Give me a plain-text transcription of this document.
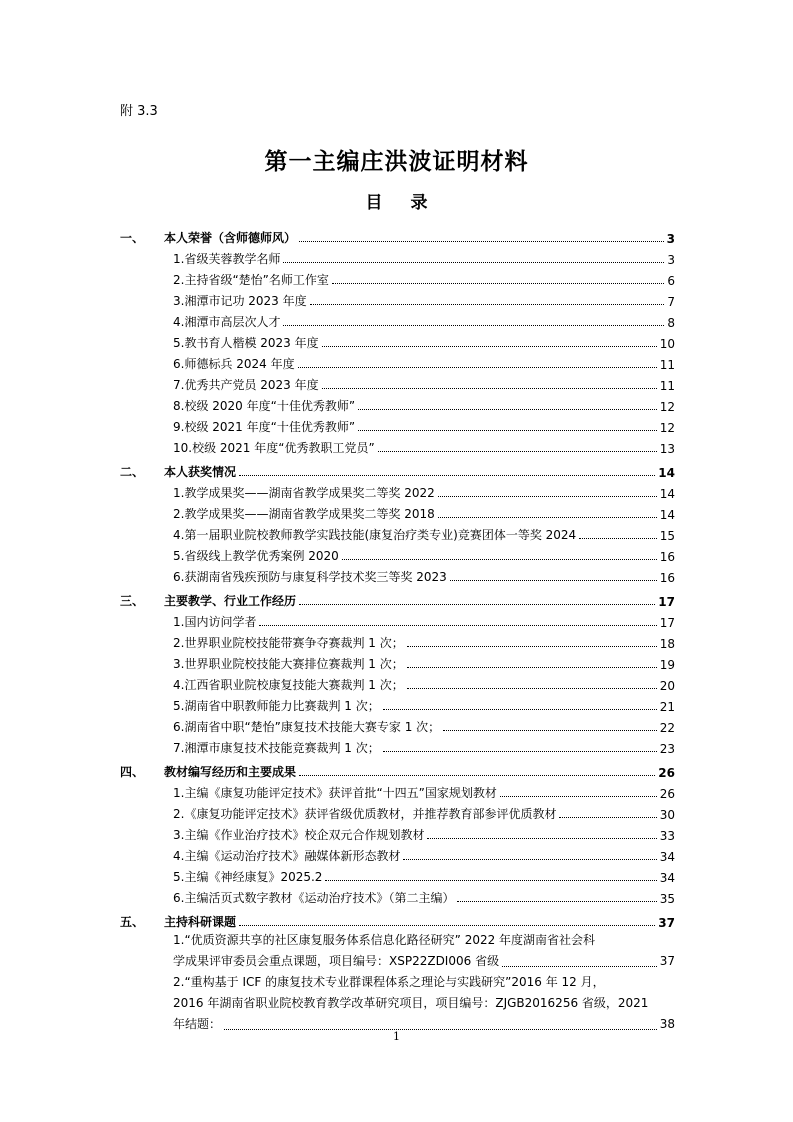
附 3.3
第一主编庄洪波证明材料
目 录
一、 本人荣誉（含师德师风）	3
1.省级芙蓉教学名师	3
2.主持省级“楚怡”名师工作室	6
3.湘潭市记功 2023 年度	7
4.湘潭市高层次人才	8
5.教书育人楷模 2023 年度	10
6.师德标兵 2024 年度	11
7.优秀共产党员 2023 年度	11
8.校级 2020 年度“十佳优秀教师”	12
9.校级 2021 年度“十佳优秀教师”	12
10.校级 2021 年度“优秀教职工党员”	13
二、 本人获奖情况	14
1.教学成果奖——湖南省教学成果奖二等奖 2022	14
2.教学成果奖——湖南省教学成果奖二等奖 2018	14
4.第一届职业院校教师教学实践技能(康复治疗类专业)竞赛团体一等奖 2024	15
5.省级线上教学优秀案例 2020	16
6.获湖南省残疾预防与康复科学技术奖三等奖 2023	16
三、 主要教学、行业工作经历	17
1.国内访问学者	17
2.世界职业院校技能带赛争夺赛裁判 1 次；	18
3.世界职业院校技能大赛排位赛裁判 1 次；	19
4.江西省职业院校康复技能大赛裁判 1 次；	20
5.湖南省中职教师能力比赛裁判 1 次；	21
6.湖南省中职“楚怡”康复技术技能大赛专家 1 次；	22
7.湘潭市康复技术技能竞赛裁判 1 次；	23
四、 教材编写经历和主要成果	26
1.主编《康复功能评定技术》获评首批“十四五”国家规划教材	26
2.《康复功能评定技术》获评省级优质教材，并推荐教育部参评优质教材	30
3.主编《作业治疗技术》校企双元合作规划教材	33
4.主编《运动治疗技术》融媒体新形态教材	34
5.主编《神经康复》2025.2	34
6.主编活页式数字教材《运动治疗技术》（第二主编）	35
五、 主持科研课题	37
1.“优质资源共享的社区康复服务体系信息化路径研究” 2022 年度湖南省社会科
学成果评审委员会重点课题，项目编号：XSP22ZDI006 省级	37
2.“重构基于 ICF 的康复技术专业群课程体系之理论与实践研究”2016 年 12 月，
2016 年湖南省职业院校教育教学改革研究项目，项目编号：ZJGB2016256 省级，2021
年结题：	38
1
